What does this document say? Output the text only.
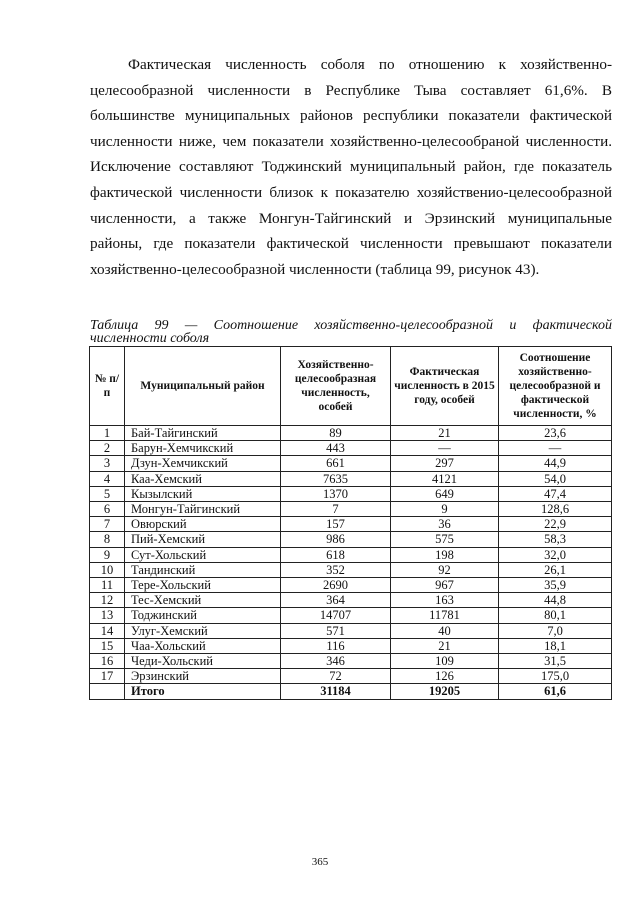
Фактическая численность соболя по отношению к хозяйственно-целесообразной численности в Республике Тыва составляет 61,6%. В большинстве муниципальных районов республики показатели фактической численности ниже, чем показатели хозяйственно-целесообраной численности. Исключение составляют Тоджинский муниципальный район, где показатель фактической численности близок к показателю хозяйственио-целесообразной численности, а также Монгун-Тайгинский и Эрзинский муниципальные районы, где показатели фактической численности превышают показатели хозяйственно-целесообразной численности (таблица 99, рисунок 43).

Таблица 99 — Соотношение хозяйственно-целесообразной и фактической численности соболя
№ п/п	Муниципальный район	Хозяйственно-целесообразная численность, особей	Фактическая численность в 2015 году, особей	Соотношение хозяйственно-целесообразной и фактической численности, %
1	Бай-Тайгинский	89	21	23,6
2	Барун-Хемчикский	443	—	—
3	Дзун-Хемчикский	661	297	44,9
4	Каа-Хемский	7635	4121	54,0
5	Кызылский	1370	649	47,4
6	Монгун-Тайгинский	7	9	128,6
7	Овюрский	157	36	22,9
8	Пий-Хемский	986	575	58,3
9	Сут-Хольский	618	198	32,0
10	Тандинский	352	92	26,1
11	Тере-Хольский	2690	967	35,9
12	Тес-Хемский	364	163	44,8
13	Тоджинский	14707	11781	80,1
14	Улуг-Хемский	571	40	7,0
15	Чаа-Хольский	116	21	18,1
16	Чеди-Хольский	346	109	31,5
17	Эрзинский	72	126	175,0
	Итого	31184	19205	61,6
365
